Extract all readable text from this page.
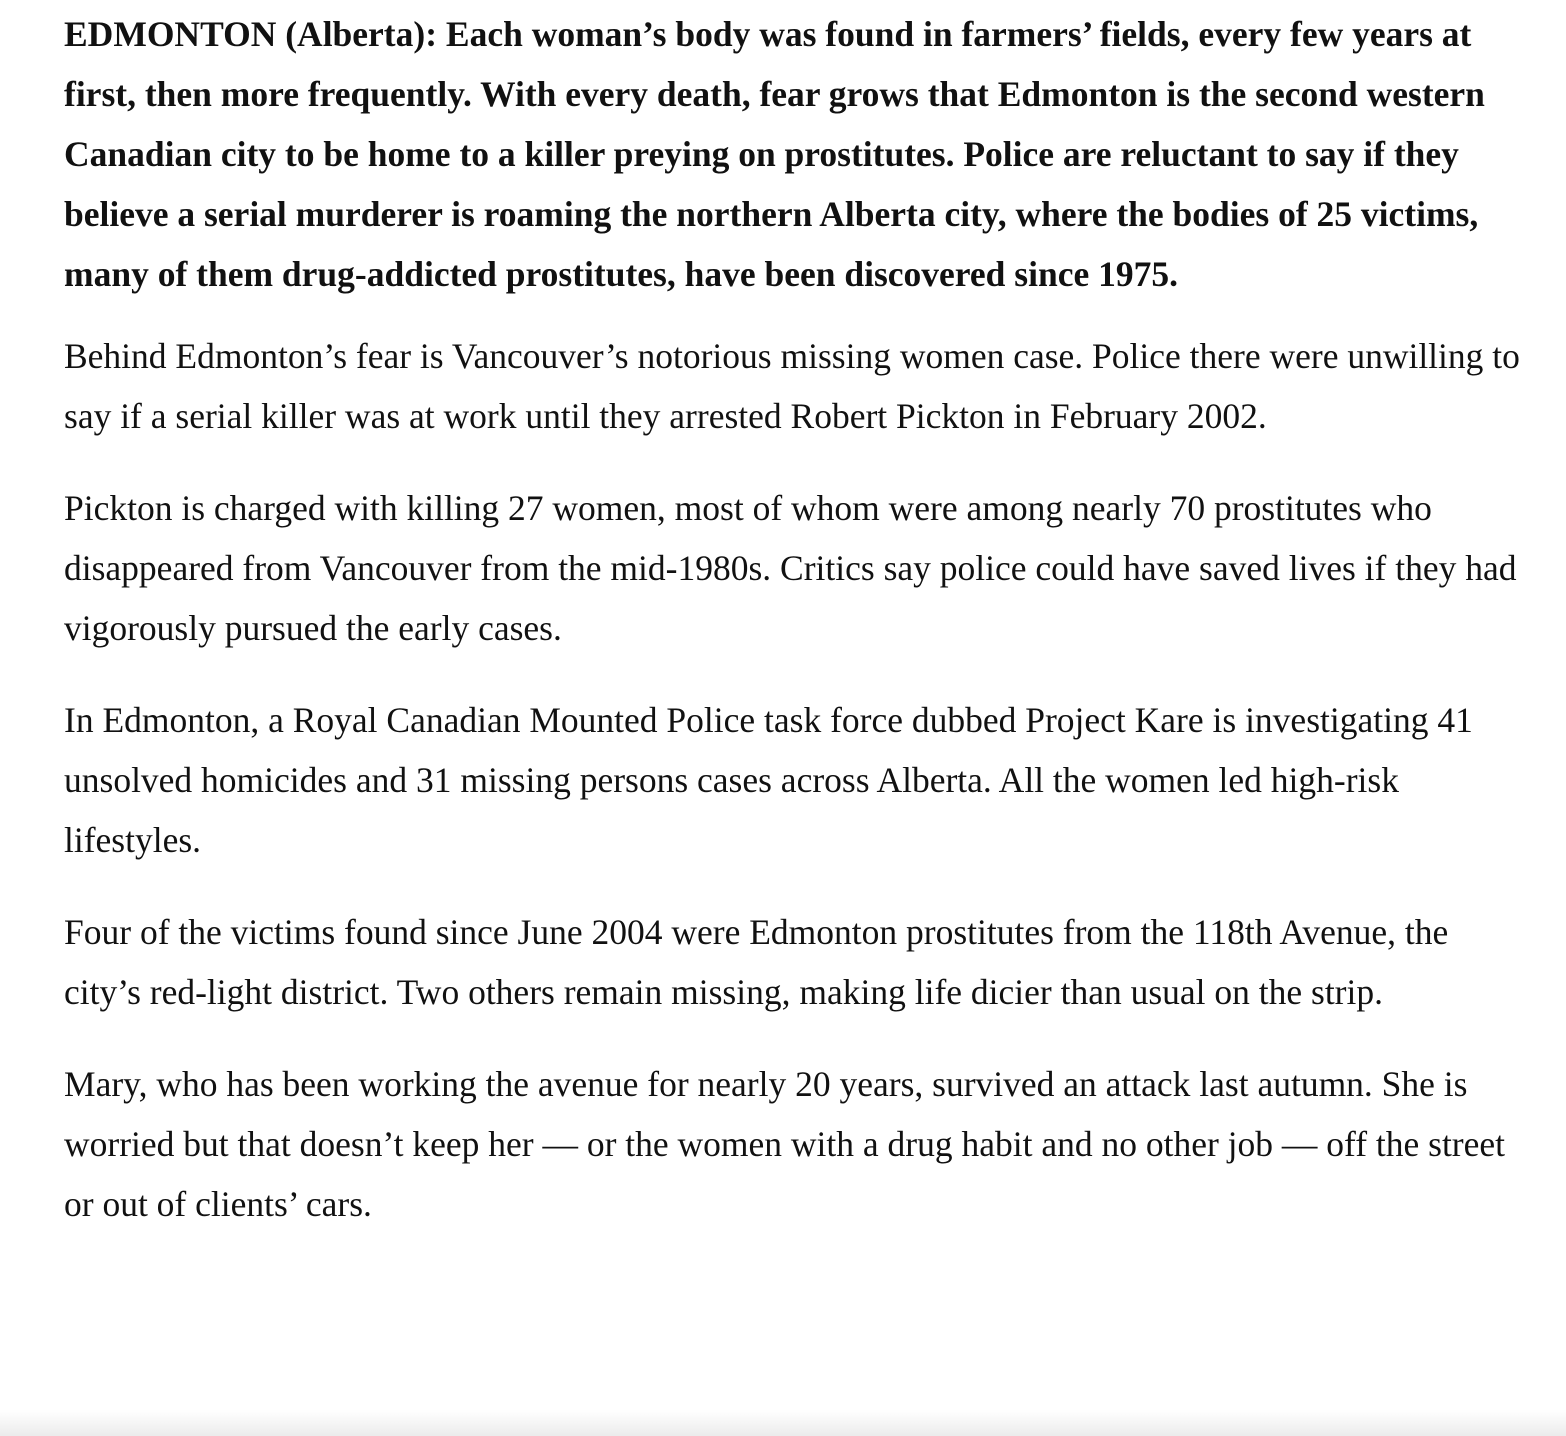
EDMONTON (Alberta): Each woman’s body was found in farmers’ fields, every few years at first, then more frequently. With every death, fear grows that Edmonton is the second western Canadian city to be home to a killer preying on prostitutes. Police are reluctant to say if they believe a serial murderer is roaming the northern Alberta city, where the bodies of 25 victims, many of them drug-addicted prostitutes, have been discovered since 1975.

Behind Edmonton’s fear is Vancouver’s notorious missing women case. Police there were unwilling to say if a serial killer was at work until they arrested Robert Pickton in February 2002.

Pickton is charged with killing 27 women, most of whom were among nearly 70 prostitutes who disappeared from Vancouver from the mid-1980s. Critics say police could have saved lives if they had vigorously pursued the early cases.

In Edmonton, a Royal Canadian Mounted Police task force dubbed Project Kare is investigating 41 unsolved homicides and 31 missing persons cases across Alberta. All the women led high-risk lifestyles.

Four of the victims found since June 2004 were Edmonton prostitutes from the 118th Avenue, the city’s red-light district. Two others remain missing, making life dicier than usual on the strip.

Mary, who has been working the avenue for nearly 20 years, survived an attack last autumn. She is worried but that doesn’t keep her — or the women with a drug habit and no other job — off the street or out of clients’ cars.
